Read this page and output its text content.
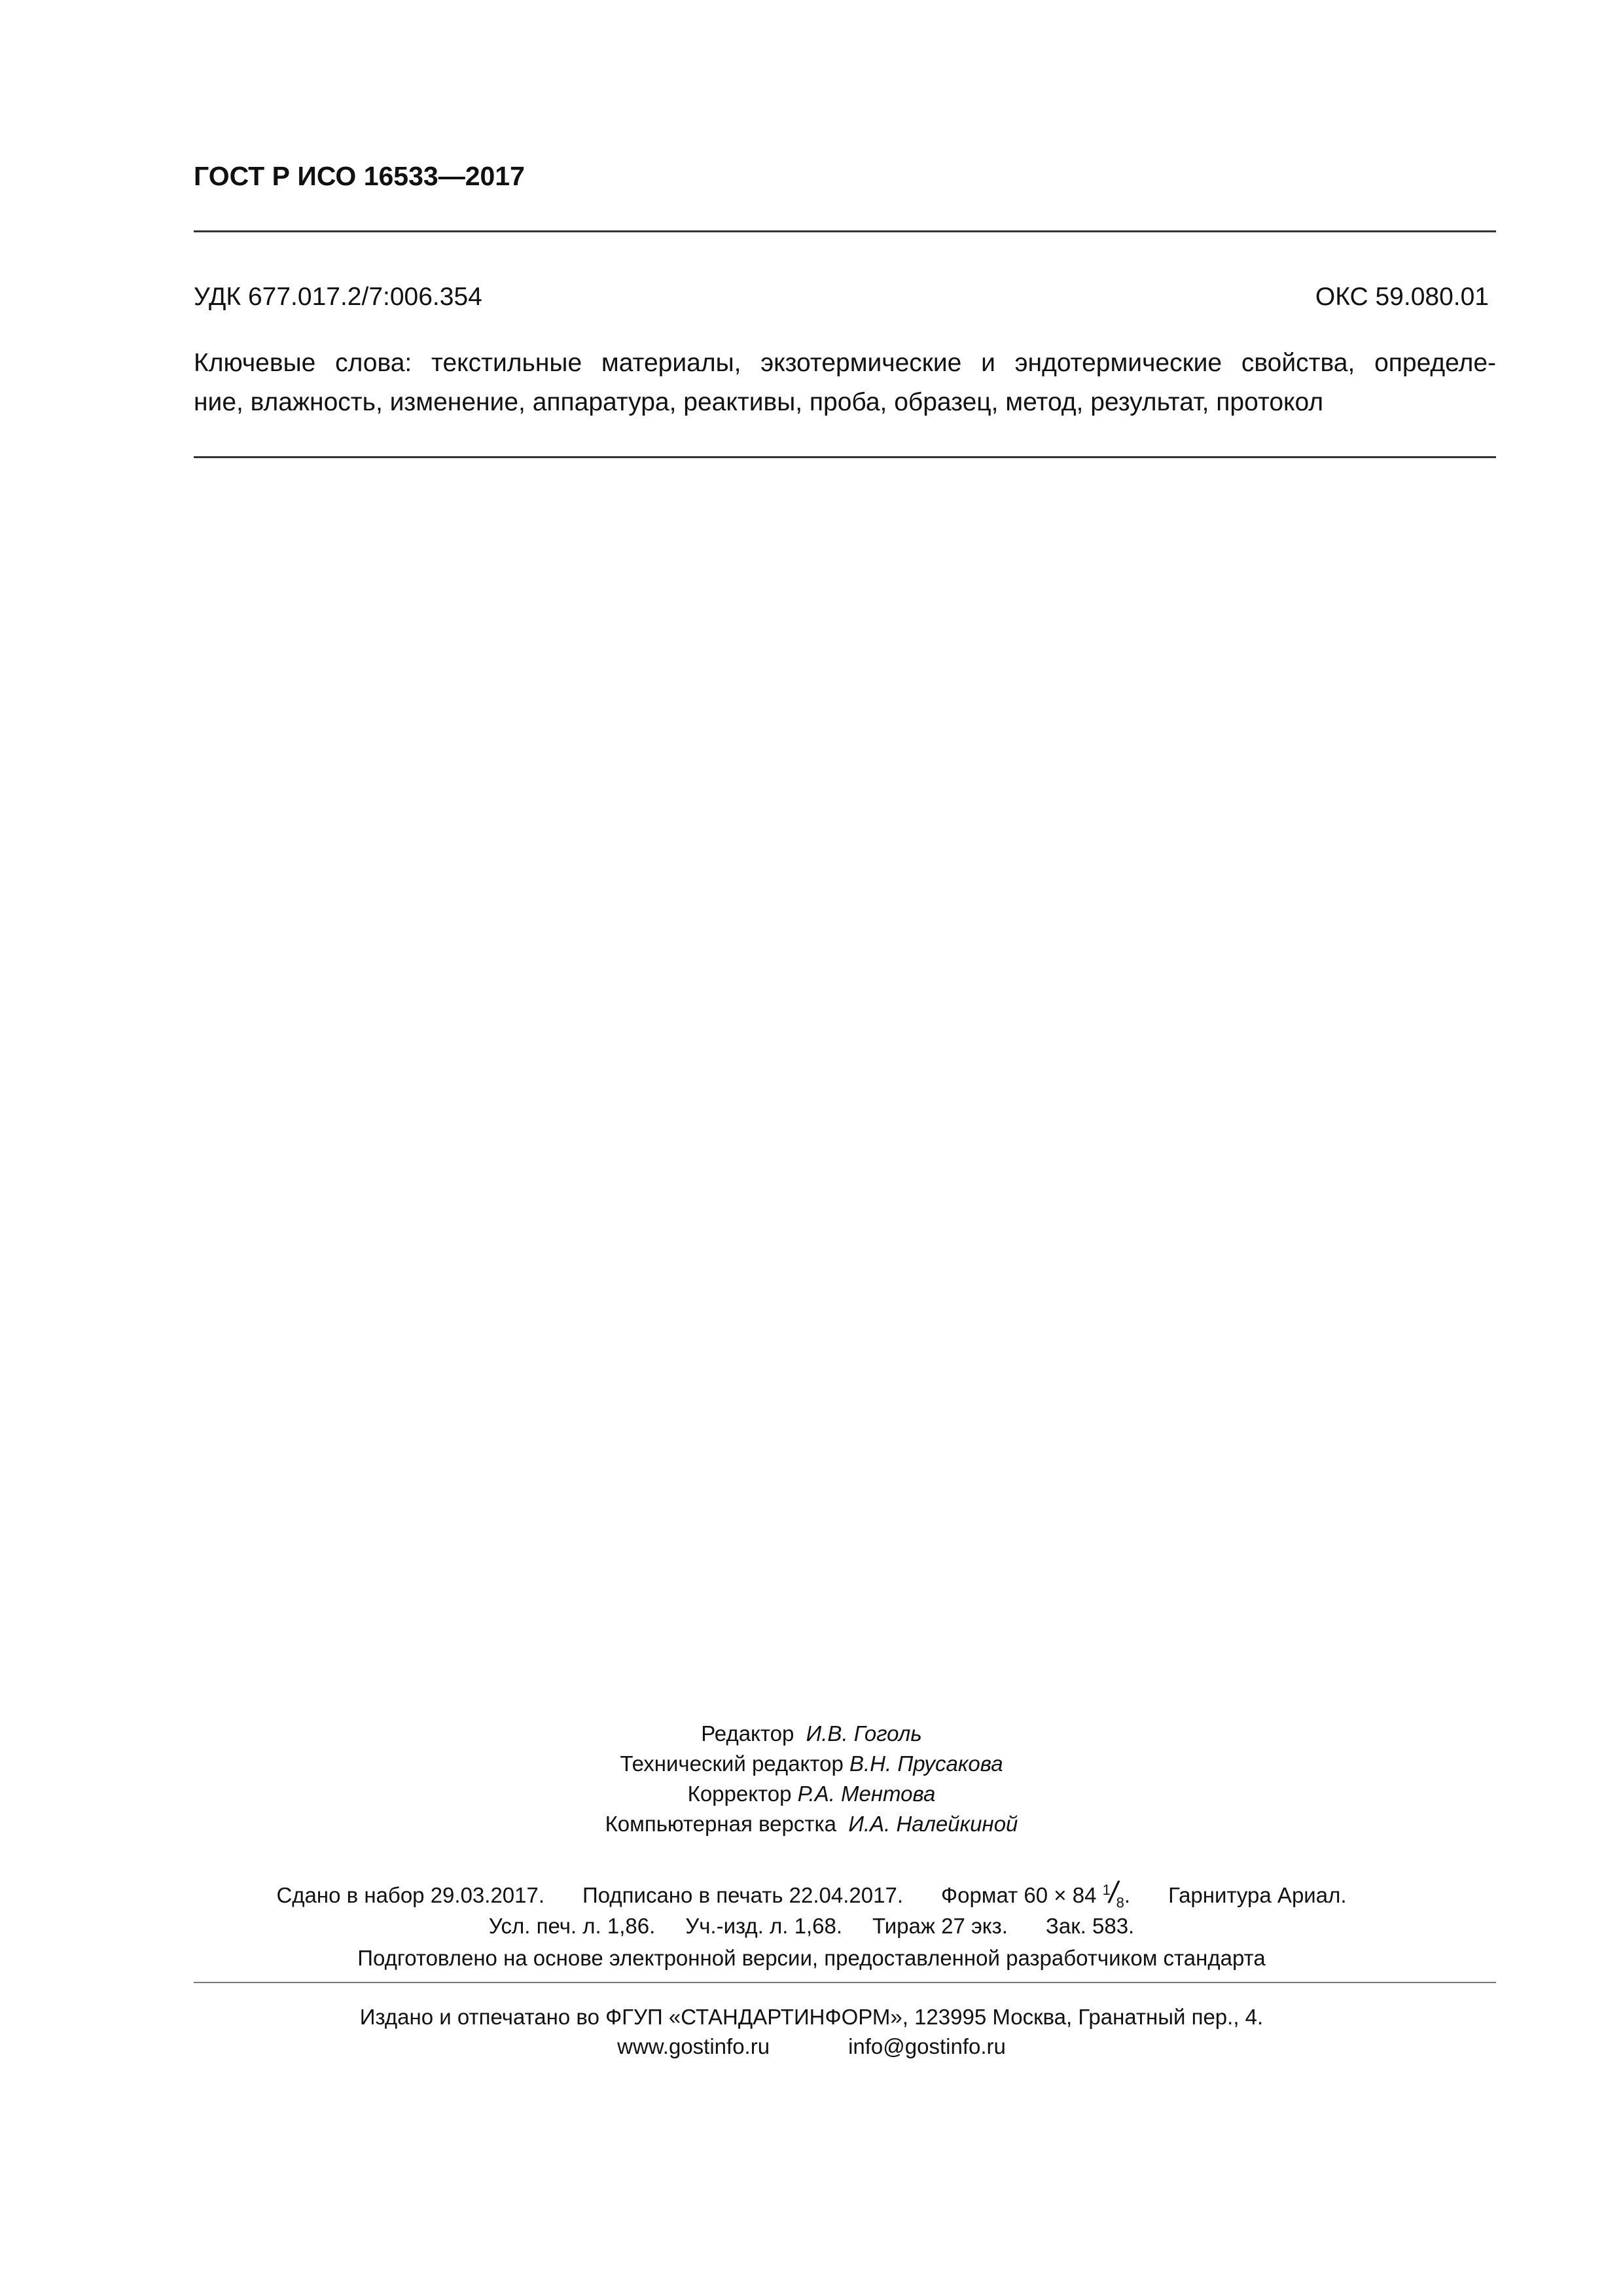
ГОСТ Р ИСО 16533—2017
УДК 677.017.2/7:006.354	ОКС 59.080.01
Ключевые слова: текстильные материалы, экзотермические и эндотермические свойства, определе-
ние, влажность, изменение, аппаратура, реактивы, проба, образец, метод, результат, протокол
Редактор И.В. Гоголь
Технический редактор В.Н. Прусакова
Корректор Р.А. Ментова
Компьютерная верстка И.А. Налейкиной
Сдано в набор 29.03.2017. Подписано в печать 22.04.2017. Формат 60 × 84 $^1/_8$. Гарнитура Ариал.
Усл. печ. л. 1,86. Уч.-изд. л. 1,68. Тираж 27 экз. Зак. 583.
Подготовлено на основе электронной версии, предоставленной разработчиком стандарта
Издано и отпечатано во ФГУП «СТАНДАРТИНФОРМ», 123995 Москва, Гранатный пер., 4.
www.gostinfo.ru	info@gostinfo.ru
